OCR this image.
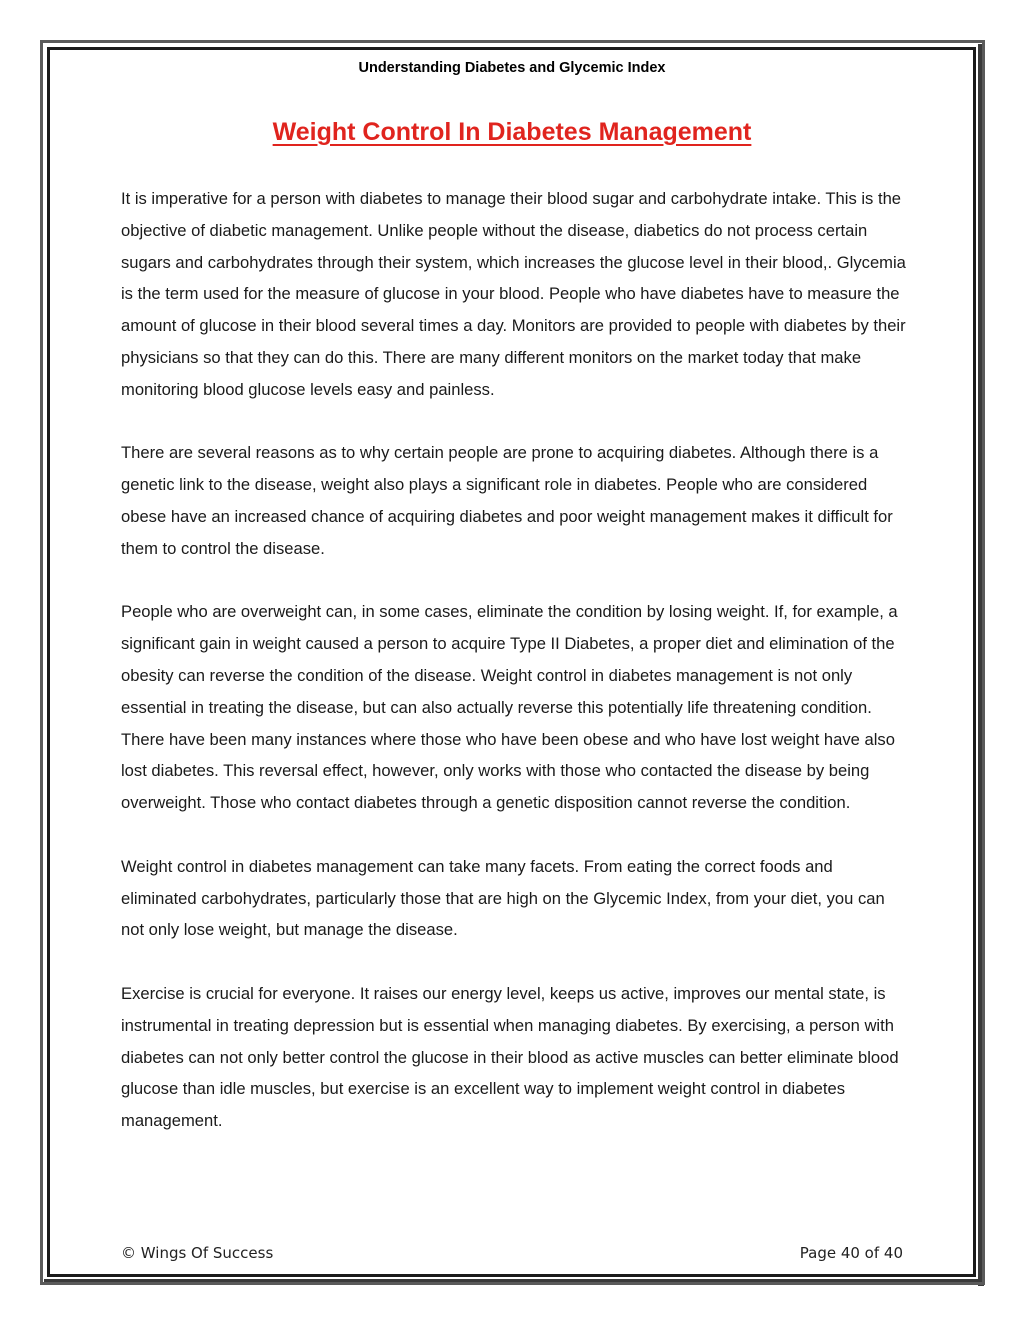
Understanding Diabetes and Glycemic Index
Weight Control In Diabetes Management

It is imperative for a person with diabetes to manage their blood sugar and carbohydrate intake. This is the objective of diabetic management. Unlike people without the disease, diabetics do not process certain sugars and carbohydrates through their system, which increases the glucose level in their blood,. Glycemia is the term used for the measure of glucose in your blood. People who have diabetes have to measure the amount of glucose in their blood several times a day. Monitors are provided to people with diabetes by their physicians so that they can do this. There are many different monitors on the market today that make monitoring blood glucose levels easy and painless.

There are several reasons as to why certain people are prone to acquiring diabetes. Although there is a genetic link to the disease, weight also plays a significant role in diabetes. People who are considered obese have an increased chance of acquiring diabetes and poor weight management makes it difficult for them to control the disease.

People who are overweight can, in some cases, eliminate the condition by losing weight. If, for example, a significant gain in weight caused a person to acquire Type II Diabetes, a proper diet and elimination of the obesity can reverse the condition of the disease. Weight control in diabetes management is not only essential in treating the disease, but can also actually reverse this potentially life threatening condition. There have been many instances where those who have been obese and who have lost weight have also lost diabetes. This reversal effect, however, only works with those who contacted the disease by being overweight. Those who contact diabetes through a genetic disposition cannot reverse the condition.

Weight control in diabetes management can take many facets. From eating the correct foods and eliminated carbohydrates, particularly those that are high on the Glycemic Index, from your diet, you can not only lose weight, but manage the disease.

Exercise is crucial for everyone. It raises our energy level, keeps us active, improves our mental state, is instrumental in treating depression but is essential when managing diabetes. By exercising, a person with diabetes can not only better control the glucose in their blood as active muscles can better eliminate blood glucose than idle muscles, but exercise is an excellent way to implement weight control in diabetes management.

© Wings Of Success	Page 40 of 40
